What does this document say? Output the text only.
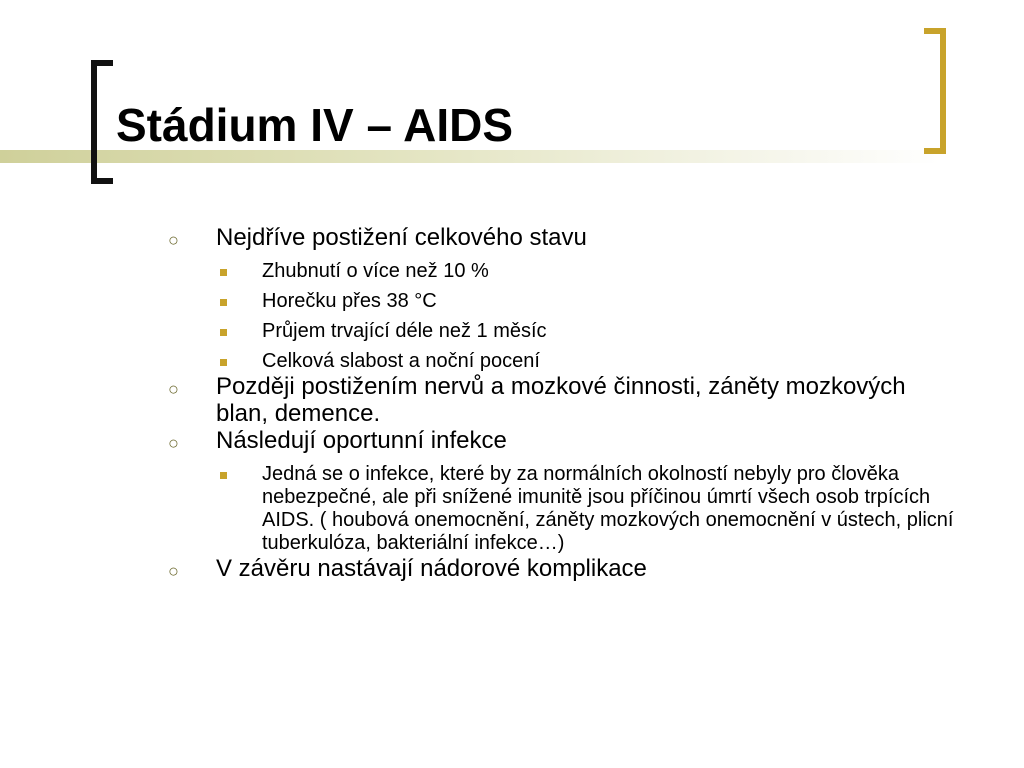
Stádium IV – AIDS
○	Nejdříve postižení celkového stavu
Zhubnutí o více než 10 %
Horečku přes 38 °C
Průjem trvající déle než 1 měsíc
Celková slabost a noční pocení
○	Později postižením nervů a mozkové činnosti, záněty mozkových blan, demence.
○	Následují oportunní infekce
Jedná se o infekce, které by za normálních okolností nebyly pro člověka nebezpečné, ale při snížené imunitě jsou příčinou úmrtí všech osob trpících AIDS. ( houbová onemocnění, záněty mozkových onemocnění v ústech, plicní tuberkulóza, bakteriální infekce…)
○	V závěru nastávají nádorové komplikace
